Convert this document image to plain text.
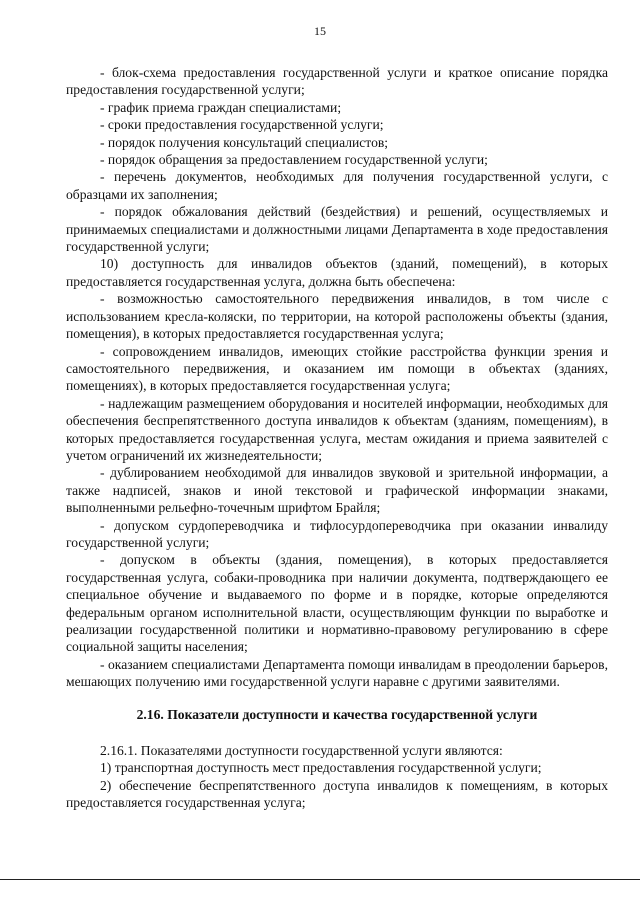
15

- блок-схема предоставления государственной услуги и краткое описание порядка предоставления государственной услуги;

- график приема граждан специалистами;

- сроки предоставления государственной услуги;

- порядок получения консультаций специалистов;

- порядок обращения за предоставлением государственной услуги;

- перечень документов, необходимых для получения государственной услуги, с образцами их заполнения;

- порядок обжалования действий (бездействия) и решений, осуществляемых и принимаемых специалистами и должностными лицами Департамента в ходе предоставления государственной услуги;

10) доступность для инвалидов объектов (зданий, помещений), в которых предоставляется государственная услуга, должна быть обеспечена:

- возможностью самостоятельного передвижения инвалидов, в том числе с использованием кресла-коляски, по территории, на которой расположены объекты (здания, помещения), в которых предоставляется государственная услуга;

- сопровождением инвалидов, имеющих стойкие расстройства функции зрения и самостоятельного передвижения, и оказанием им помощи в объектах (зданиях, помещениях), в которых предоставляется государственная услуга;

- надлежащим размещением оборудования и носителей информации, необходимых для обеспечения беспрепятственного доступа инвалидов к объектам (зданиям, помещениям), в которых предоставляется государственная услуга, местам ожидания и приема заявителей с учетом ограничений их жизнедеятельности;

- дублированием необходимой для инвалидов звуковой и зрительной информации, а также надписей, знаков и иной текстовой и графической информации знаками, выполненными рельефно-точечным шрифтом Брайля;

- допуском сурдопереводчика и тифлосурдопереводчика при оказании инвалиду государственной услуги;

- допуском в объекты (здания, помещения), в которых предоставляется государственная услуга, собаки-проводника при наличии документа, подтверждающего ее специальное обучение и выдаваемого по форме и в порядке, которые определяются федеральным органом исполнительной власти, осуществляющим функции по выработке и реализации государственной политики и нормативно-правовому регулированию в сфере социальной защиты населения;

- оказанием специалистами Департамента помощи инвалидам в преодолении барьеров, мешающих получению ими государственной услуги наравне с другими заявителями.

2.16. Показатели доступности и качества государственной услуги

2.16.1. Показателями доступности государственной услуги являются:

1) транспортная доступность мест предоставления государственной услуги;

2) обеспечение беспрепятственного доступа инвалидов к помещениям, в которых предоставляется государственная услуга;
